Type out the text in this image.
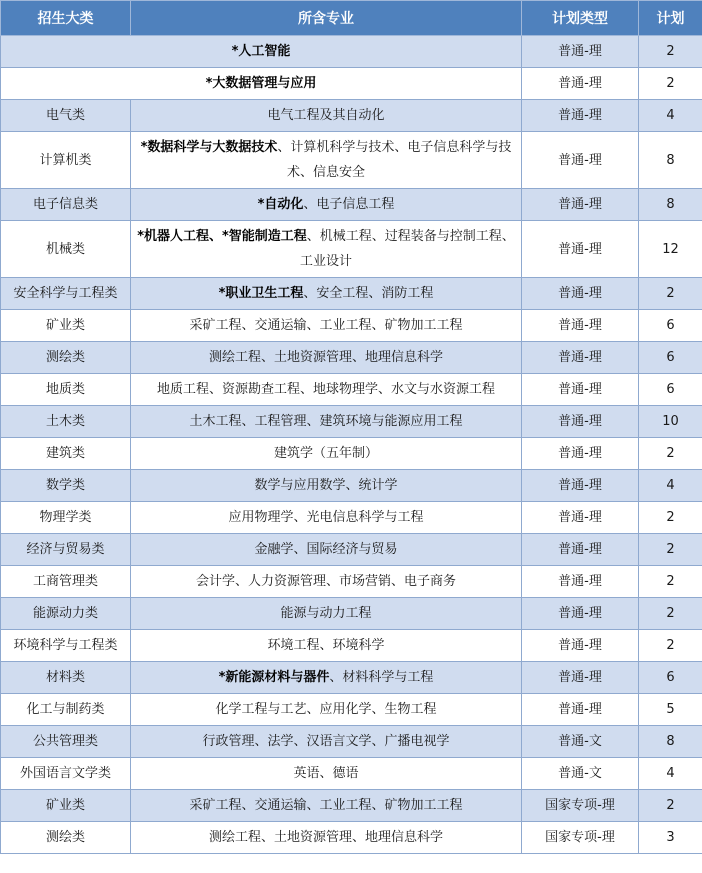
招生大类	所含专业	计划类型	计划
*人工智能		普通-理	2
*大数据管理与应用		普通-理	2
电气类	电气工程及其自动化	普通-理	4
计算机类	*数据科学与大数据技术、计算机科学与技术、电子信息科学与技术、信息安全	普通-理	8
电子信息类	*自动化、电子信息工程	普通-理	8
机械类	*机器人工程、*智能制造工程、机械工程、过程装备与控制工程、工业设计	普通-理	12
安全科学与工程类	*职业卫生工程、安全工程、消防工程	普通-理	2
矿业类	采矿工程、交通运输、工业工程、矿物加工工程	普通-理	6
测绘类	测绘工程、土地资源管理、地理信息科学	普通-理	6
地质类	地质工程、资源勘查工程、地球物理学、水文与水资源工程	普通-理	6
土木类	土木工程、工程管理、建筑环境与能源应用工程	普通-理	10
建筑类	建筑学（五年制）	普通-理	2
数学类	数学与应用数学、统计学	普通-理	4
物理学类	应用物理学、光电信息科学与工程	普通-理	2
经济与贸易类	金融学、国际经济与贸易	普通-理	2
工商管理类	会计学、人力资源管理、市场营销、电子商务	普通-理	2
能源动力类	能源与动力工程	普通-理	2
环境科学与工程类	环境工程、环境科学	普通-理	2
材料类	*新能源材料与器件、材料科学与工程	普通-理	6
化工与制药类	化学工程与工艺、应用化学、生物工程	普通-理	5
公共管理类	行政管理、法学、汉语言文学、广播电视学	普通-文	8
外国语言文学类	英语、德语	普通-文	4
矿业类	采矿工程、交通运输、工业工程、矿物加工工程	国家专项-理	2
测绘类	测绘工程、土地资源管理、地理信息科学	国家专项-理	3
